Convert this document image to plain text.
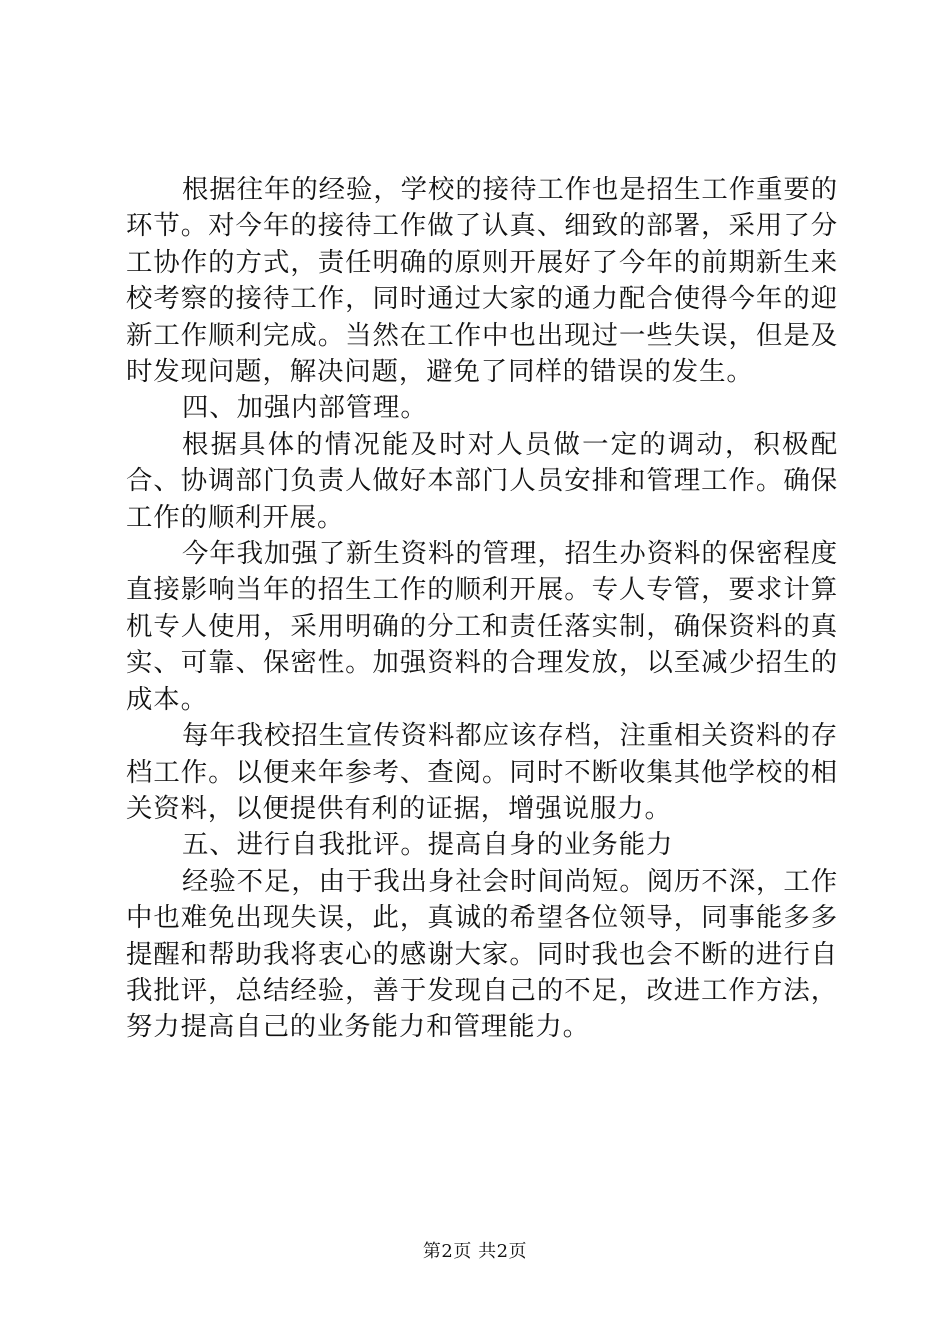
根据往年的经验，学校的接待工作也是招生工作重要的环节。对今年的接待工作做了认真、细致的部署，采用了分工协作的方式，责任明确的原则开展好了今年的前期新生来校考察的接待工作，同时通过大家的通力配合使得今年的迎新工作顺利完成。当然在工作中也出现过一些失误，但是及时发现问题，解决问题，避免了同样的错误的发生。

四、加强内部管理。

根据具体的情况能及时对人员做一定的调动，积极配合、协调部门负责人做好本部门人员安排和管理工作。确保工作的顺利开展。

今年我加强了新生资料的管理，招生办资料的保密程度直接影响当年的招生工作的顺利开展。专人专管，要求计算机专人使用，采用明确的分工和责任落实制，确保资料的真实、可靠、保密性。加强资料的合理发放，以至减少招生的成本。

每年我校招生宣传资料都应该存档，注重相关资料的存档工作。以便来年参考、查阅。同时不断收集其他学校的相关资料，以便提供有利的证据，增强说服力。

五、进行自我批评。提高自身的业务能力

经验不足，由于我出身社会时间尚短。阅历不深，工作中也难免出现失误，此，真诚的希望各位领导，同事能多多提醒和帮助我将衷心的感谢大家。同时我也会不断的进行自我批评，总结经验，善于发现自己的不足，改进工作方法，努力提高自己的业务能力和管理能力。

第2页 共2页
